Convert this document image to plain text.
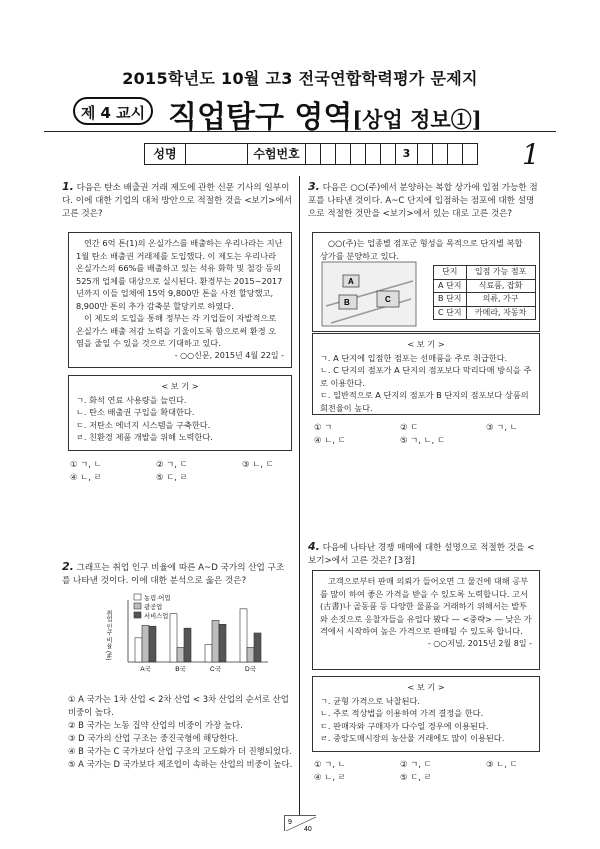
2015학년도 10월 고3 전국연합학력평가 문제지
제 4 교시 직업탐구 영역[상업 정보①]
성명	수험번호	3	1
1. 다음은 탄소 배출권 거래 제도에 관한 신문 기사의 일부이다. 이에 대한 기업의 대처 방안으로 적절한 것을 <보기>에서 고른 것은?
연간 6억 톤(1)의 온실가스를 배출하는 우리나라는 지난 1월 탄소 배출권 거래제를 도입했다. 이 제도는 우리나라 온실가스의 66%를 배출하고 있는 석유 화학 및 철강 등의 525개 업체를 대상으로 실시된다. 환경부는 2015~2017년까지 이들 업체에 15억 9,800만 톤을 사전 할당했고, 8,900만 톤의 추가 감축분 할당키로 하였다.
이 제도의 도입을 통해 정부는 각 기업들이 자발적으로 온실가스 배출 저감 노력을 기울이도록 함으로써 환경 오염을 줄일 수 있을 것으로 기대하고 있다.
- ○○신문, 2015년 4월 22일 -
< 보 기 >
ㄱ. 화석 연료 사용량을 늘린다.
ㄴ. 탄소 배출권 구입을 확대한다.
ㄷ. 저탄소 에너지 시스템을 구축한다.
ㄹ. 친환경 제품 개발을 위해 노력한다.
① ㄱ, ㄴ	② ㄱ, ㄷ	③ ㄴ, ㄷ
④ ㄴ, ㄹ	⑤ ㄷ, ㄹ
2. 그래프는 취업 인구 비율에 따른 A~D 국가의 산업 구조를 나타낸 것이다. 이에 대한 분석으로 옳은 것은?
취업 인구 비율 (%)
A국	B국	C국	D국
농림·어업
광공업
서비스업
① A 국가는 1차 산업 < 2차 산업 < 3차 산업의 순서로 산업 비중이 높다.
② B 국가는 노동 집약 산업의 비중이 가장 높다.
③ D 국가의 산업 구조는 중진국형에 해당한다.
④ B 국가는 C 국가보다 산업 구조의 고도화가 더 진행되었다.
⑤ A 국가는 D 국가보다 제조업이 속하는 산업의 비중이 높다.
3. 다음은 ○○(주)에서 분양하는 복합 상가에 입점 가능한 점포를 나타낸 것이다. A~C 단지에 입점하는 점포에 대한 설명으로 적절한 것만을 <보기>에서 있는 대로 고른 것은?
○○(주)는 업종별 점포군 형성을 목적으로 단지별 복합 상가를 분양하고 있다.
A
B	C
단지	입점 가능 점포
A 단지	식료품, 잡화
B 단지	의류, 가구
C 단지	카메라, 자동차
< 보 기 >
ㄱ. A 단지에 입점한 점포는 선매품을 주로 취급한다.
ㄴ. C 단지의 점포가 A 단지의 점포보다 막리다매 방식을 주로 이용한다.
ㄷ. 일반적으로 A 단지의 점포가 B 단지의 점포보다 상품의 회전율이 높다.
① ㄱ	② ㄷ	③ ㄱ, ㄴ
④ ㄴ, ㄷ	⑤ ㄱ, ㄴ, ㄷ
4. 다음에 나타난 경쟁 매매에 대한 설명으로 적절한 것을 <보기>에서 고른 것은? [3점]
고객으로부터 판매 의뢰가 들어오면 그 물건에 대해 공부를 많이 하여 좋은 가격을 받을 수 있도록 노력합니다. 고서(古書)나 골동품 등 다양한 물품을 거래하기 위해서는 발투와 손짓으로 응찰자들을 유업다 봤다 — <중략> — 낮은 가격에서 시작하여 높은 가격으로 판매될 수 있도록 합니다.
- ○○저널, 2015년 2월 8일 -
< 보 기 >
ㄱ. 균형 가격으로 낙찰된다.
ㄴ. 주로 적상법을 이용하여 가격 결정을 한다.
ㄷ. 판매자와 구매자가 다수일 경우에 이용된다.
ㄹ. 중앙도매시장의 농산물 거래에도 많이 이용된다.
① ㄱ, ㄴ	② ㄱ, ㄷ	③ ㄴ, ㄷ
④ ㄴ, ㄹ	⑤ ㄷ, ㄹ
9
40
